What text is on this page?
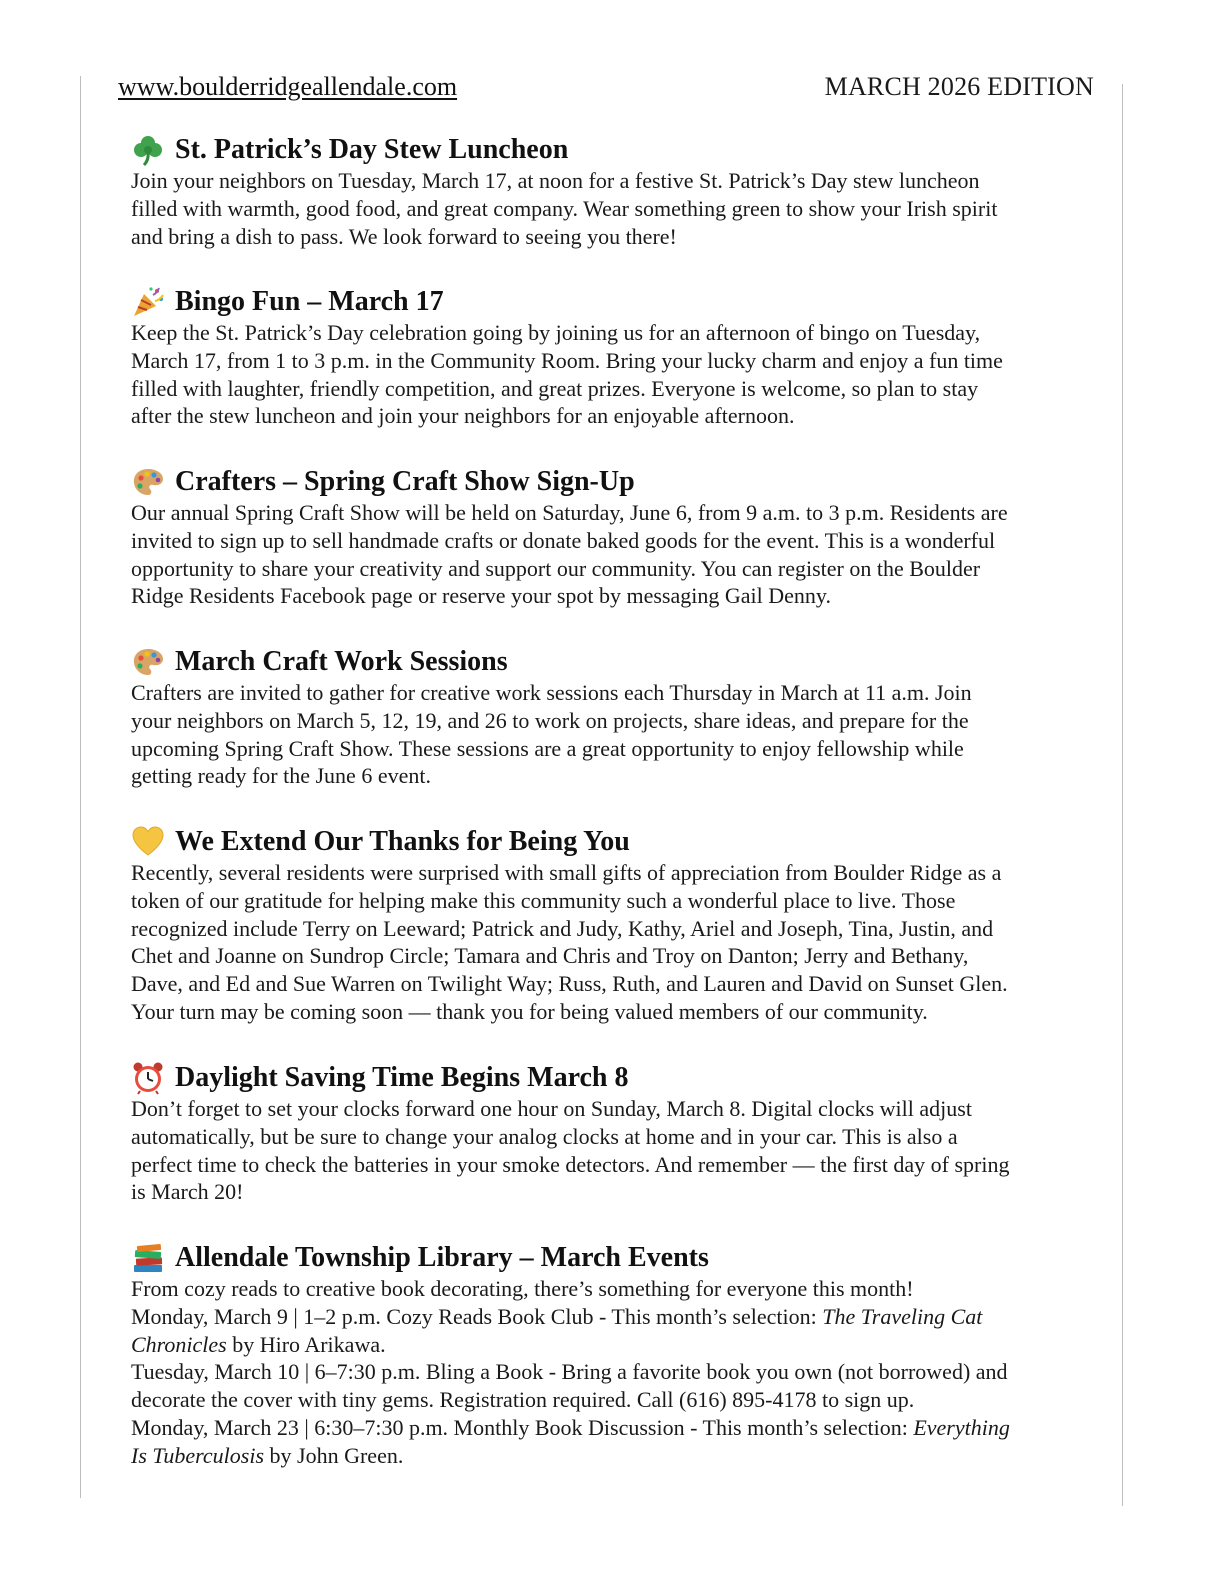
www.boulderridgeallendale.com	MARCH 2026 EDITION
St. Patrick’s Day Stew Luncheon

Join your neighbors on Tuesday, March 17, at noon for a festive St. Patrick’s Day stew luncheon
filled with warmth, good food, and great company. Wear something green to show your Irish spirit
and bring a dish to pass. We look forward to seeing you there!

Bingo Fun – March 17

Keep the St. Patrick’s Day celebration going by joining us for an afternoon of bingo on Tuesday,
March 17, from 1 to 3 p.m. in the Community Room. Bring your lucky charm and enjoy a fun time
filled with laughter, friendly competition, and great prizes. Everyone is welcome, so plan to stay
after the stew luncheon and join your neighbors for an enjoyable afternoon.

Crafters – Spring Craft Show Sign-Up

Our annual Spring Craft Show will be held on Saturday, June 6, from 9 a.m. to 3 p.m. Residents are
invited to sign up to sell handmade crafts or donate baked goods for the event. This is a wonderful
opportunity to share your creativity and support our community. You can register on the Boulder
Ridge Residents Facebook page or reserve your spot by messaging Gail Denny.

March Craft Work Sessions

Crafters are invited to gather for creative work sessions each Thursday in March at 11 a.m. Join
your neighbors on March 5, 12, 19, and 26 to work on projects, share ideas, and prepare for the
upcoming Spring Craft Show. These sessions are a great opportunity to enjoy fellowship while
getting ready for the June 6 event.

We Extend Our Thanks for Being You

Recently, several residents were surprised with small gifts of appreciation from Boulder Ridge as a
token of our gratitude for helping make this community such a wonderful place to live. Those
recognized include Terry on Leeward; Patrick and Judy, Kathy, Ariel and Joseph, Tina, Justin, and
Chet and Joanne on Sundrop Circle; Tamara and Chris and Troy on Danton; Jerry and Bethany,
Dave, and Ed and Sue Warren on Twilight Way; Russ, Ruth, and Lauren and David on Sunset Glen.
Your turn may be coming soon — thank you for being valued members of our community.

Daylight Saving Time Begins March 8

Don’t forget to set your clocks forward one hour on Sunday, March 8. Digital clocks will adjust
automatically, but be sure to change your analog clocks at home and in your car. This is also a
perfect time to check the batteries in your smoke detectors. And remember — the first day of spring
is March 20!

Allendale Township Library – March Events

From cozy reads to creative book decorating, there’s something for everyone this month!
Monday, March 9 | 1–2 p.m. Cozy Reads Book Club - This month’s selection: The Traveling Cat
Chronicles by Hiro Arikawa.
Tuesday, March 10 | 6–7:30 p.m. Bling a Book - Bring a favorite book you own (not borrowed) and
decorate the cover with tiny gems. Registration required. Call (616) 895-4178 to sign up.
Monday, March 23 | 6:30–7:30 p.m. Monthly Book Discussion - This month’s selection: Everything
Is Tuberculosis by John Green.
